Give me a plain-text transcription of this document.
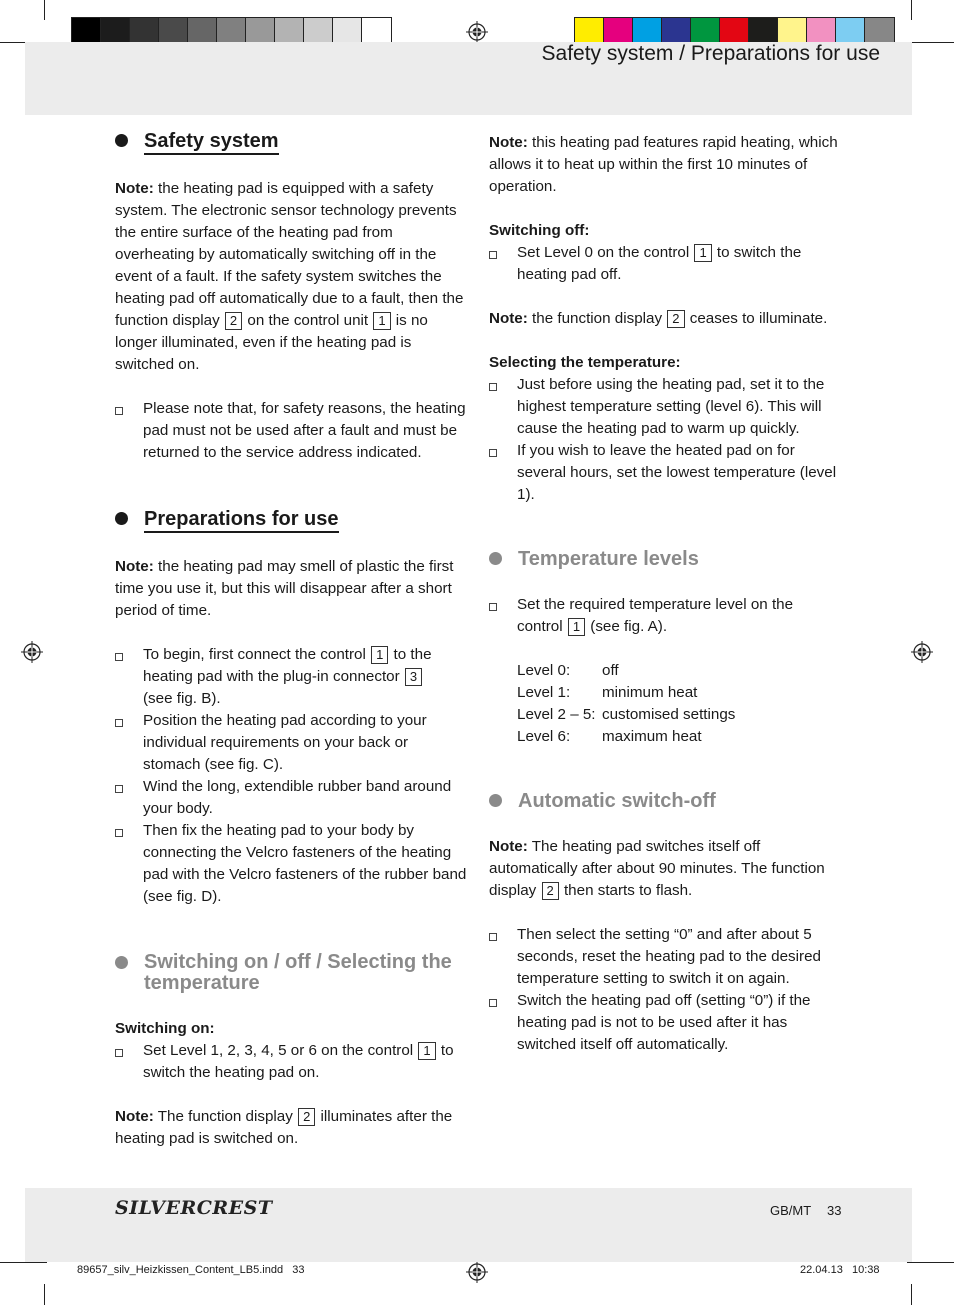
Safety system / Preparations for use
Safety system

Note: the heating pad is equipped with a safety system. The electronic sensor technology prevents the entire surface of the heating pad from overheating by automatically switching off in the event of a fault. If the safety system switches the heating pad off automatically due to a fault, then the function display 2 on the control unit 1 is no longer illuminated, even if the heating pad is switched on.

Please note that, for safety reasons, the heating pad must not be used after a fault and must be returned to the service address indicated.
Preparations for use

Note: the heating pad may smell of plastic the first time you use it, but this will disappear after a short period of time.

To begin, first connect the control 1 to the heating pad with the plug-in connector 3
(see fig. B).
Position the heating pad according to your individual requirements on your back or stomach (see fig. C).
Wind the long, extendible rubber band around your body.
Then fix the heating pad to your body by connecting the Velcro fasteners of the heating pad with the Velcro fasteners of the rubber band (see fig. D).
Switching on / off / Selecting the temperature

Switching on:

Set Level 1, 2, 3, 4, 5 or 6 on the control 1 to switch the heating pad on.

Note: The function display 2 illuminates after the heating pad is switched on.

Note: this heating pad features rapid heating, which allows it to heat up within the first 10 minutes of operation.

Switching off:

Set Level 0 on the control 1 to switch the heating pad off.

Note: the function display 2 ceases to illuminate.

Selecting the temperature:

Just before using the heating pad, set it to the highest temperature setting (level 6). This will cause the heating pad to warm up quickly.
If you wish to leave the heated pad on for several hours, set the lowest temperature (level 1).
Temperature levels
Set the required temperature level on the control 1 (see fig. A).
Level 0:	off
Level 1:	minimum heat
Level 2 – 5:	customised settings
Level 6:	maximum heat
Automatic switch-off

Note: The heating pad switches itself off automatically after about 90 minutes. The function display 2 then starts to flash.

Then select the setting “0” and after about 5 seconds, reset the heating pad to the desired temperature setting to switch it on again.
Switch the heating pad off (setting “0”) if the heating pad is not to be used after it has switched itself off automatically.
SILVERCREST	GB/MT 33
89657_silv_Heizkissen_Content_LB5.indd   33	22.04.13   10:38
